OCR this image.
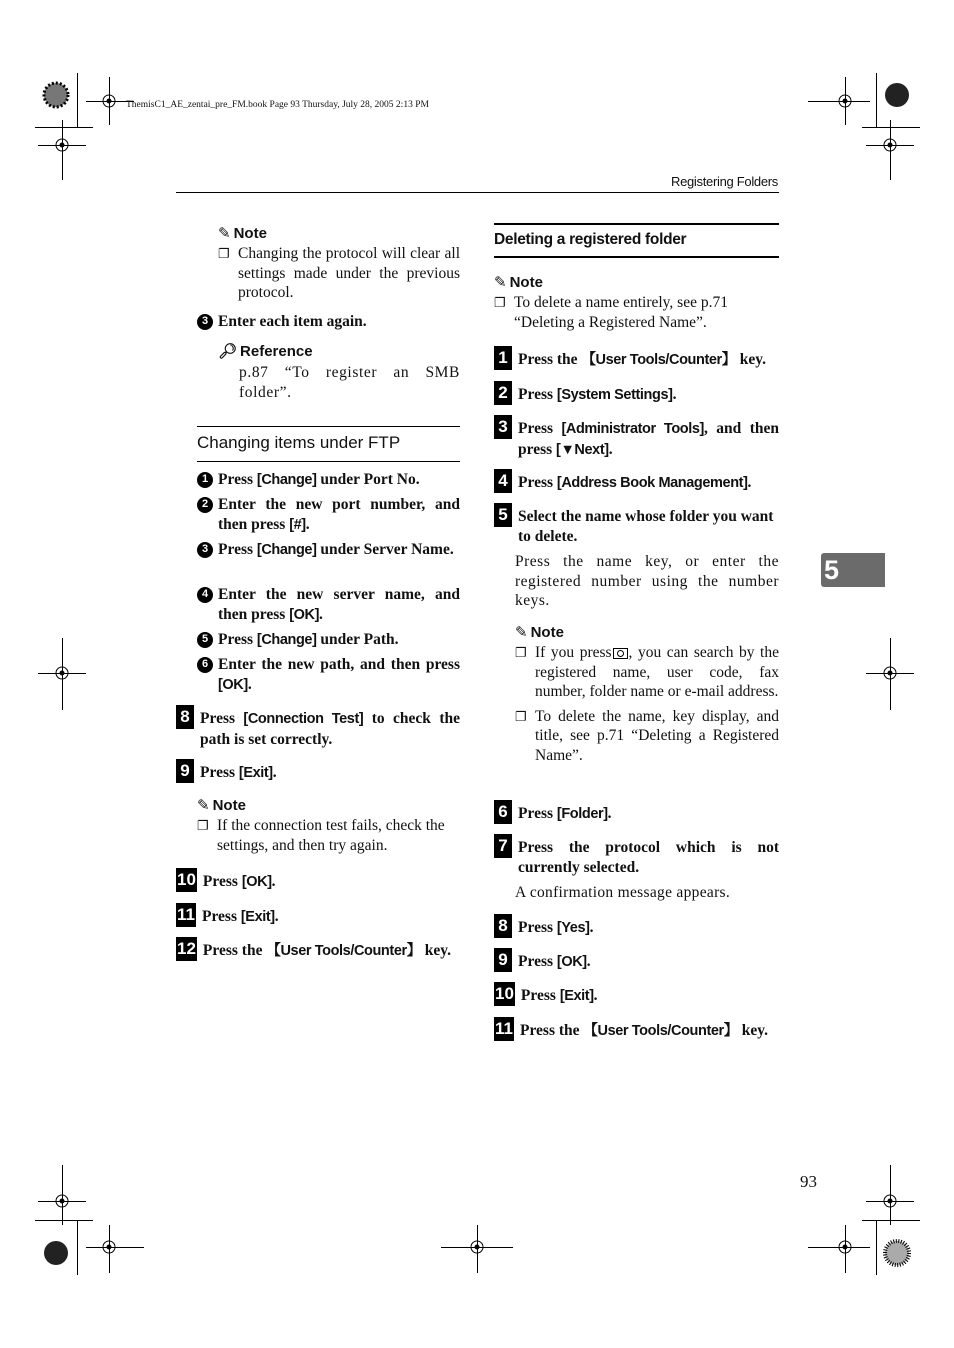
ThemisC1_AE_zentai_pre_FM.book Page 93 Thursday, July 28, 2005 2:13 PM
Registering Folders
✎ Note
❐ Changing the protocol will clear all settings made under the previous protocol.
3 Enter each item again.
🔎︎ Reference
p.87 “To register an SMB folder”.
Changing items under FTP
1 Press [Change] under Port No.
2 Enter the new port number, and then press [#].
3 Press [Change] under Server Name.
4 Enter the new server name, and then press [OK].
5 Press [Change] under Path.
6 Enter the new path, and then press [OK].
8 Press [Connection Test] to check the path is set correctly.
9 Press [Exit].
✎ Note
❐ If the connection test fails, check the settings, and then try again.
10 Press [OK].
11 Press [Exit].
12 Press the 【User Tools/Counter】 key.
Deleting a registered folder
✎ Note
❐ To delete a name entirely, see p.71 “Deleting a Registered Name”.
1 Press the 【User Tools/Counter】 key.
2 Press [System Settings].
3 Press [Administrator Tools], and then press [▼Next].
4 Press [Address Book Management].
5 Select the name whose folder you want to delete.
Press the name key, or enter the registered number using the number keys.
✎ Note
❐ If you press , you can search by the registered name, user code, fax number, folder name or e-mail address.
❐ To delete the name, key display, and title, see p.71 “Deleting a Registered Name”.
6 Press [Folder].
7 Press the protocol which is not currently selected.
A confirmation message appears.
8 Press [Yes].
9 Press [OK].
10 Press [Exit].
11 Press the 【User Tools/Counter】 key.
5
93
